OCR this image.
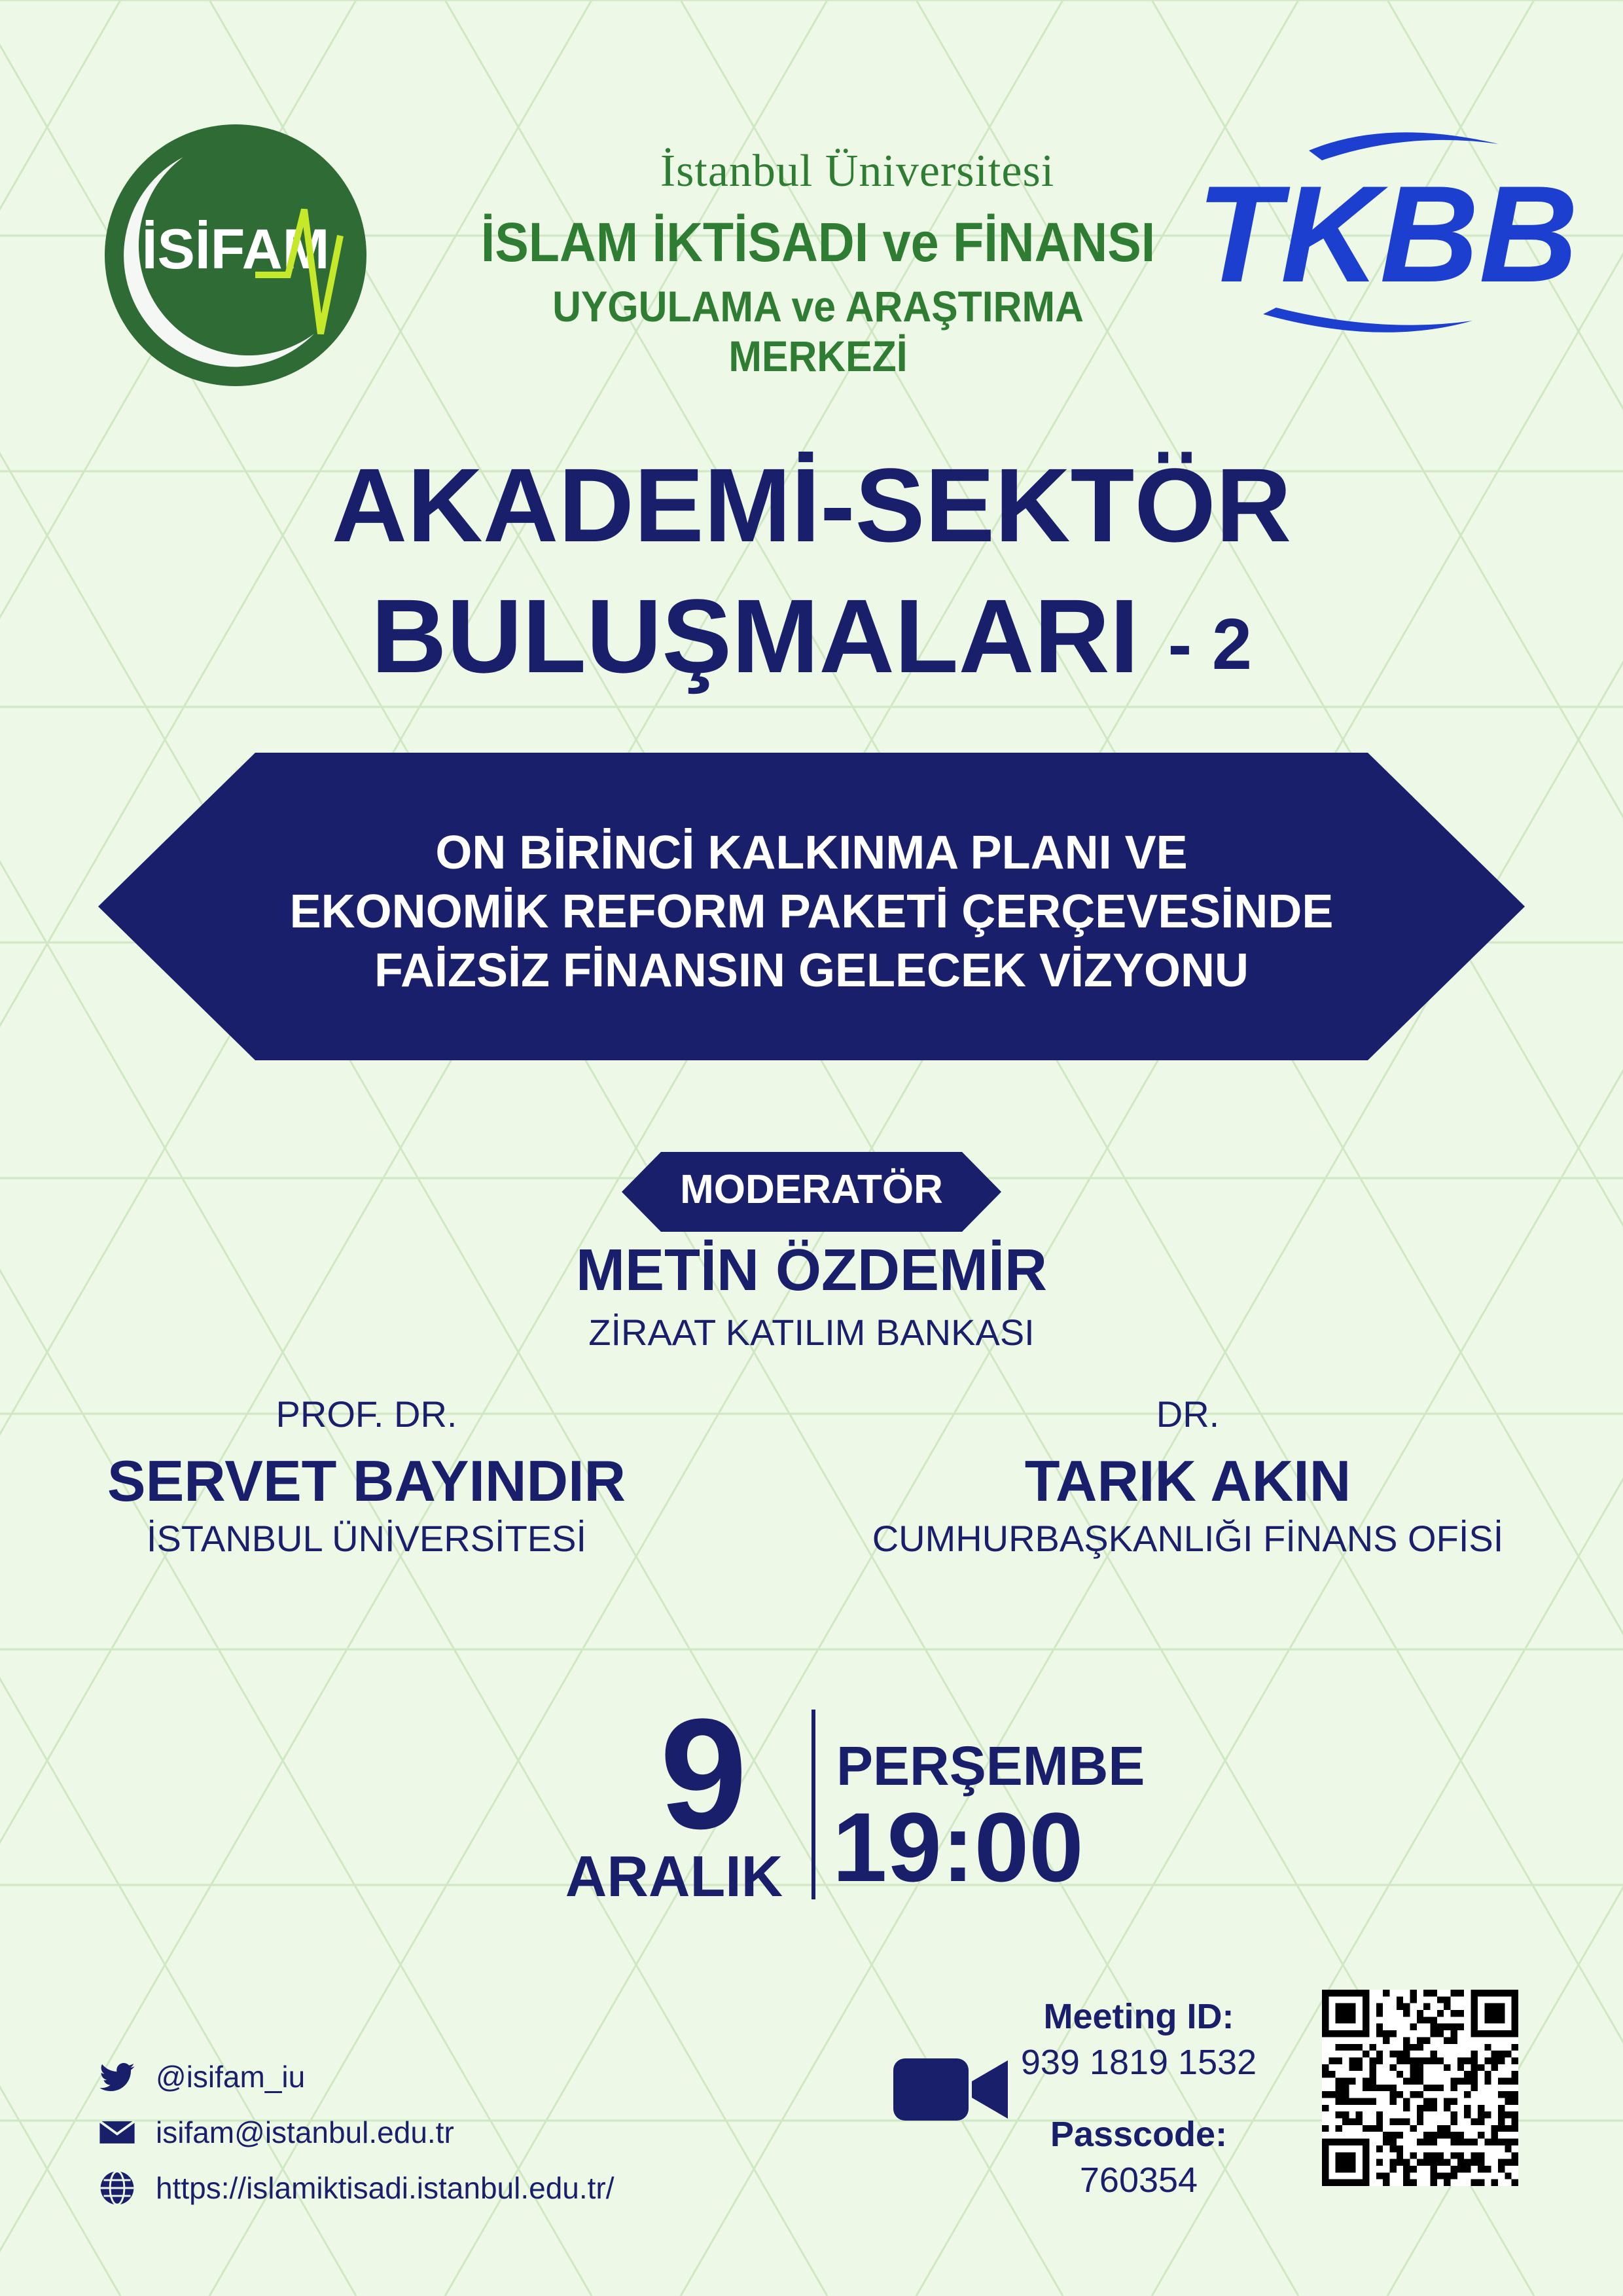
İSİFAM
İstanbul Üniversitesi
İSLAM İKTİSADI ve FİNANSI
UYGULAMA ve ARAŞTIRMA MERKEZİ
TKBB
AKADEMİ-SEKTÖR
BULUŞMALARI - 2
ON BİRİNCİ KALKINMA PLANI VE
EKONOMİK REFORM PAKETİ ÇERÇEVESİNDE
FAİZSİZ FİNANSIN GELECEK VİZYONU
MODERATÖR
METİN ÖZDEMİR
ZİRAAT KATILIM BANKASI
PROF. DR.
SERVET BAYINDIR
İSTANBUL ÜNİVERSİTESİ
DR.
TARIK AKIN
CUMHURBAŞKANLIĞI FİNANS OFİSİ
9
ARALIK
PERŞEMBE
19:00
@isifam_iu
isifam@istanbul.edu.tr
https://islamiktisadi.istanbul.edu.tr/
Meeting ID:
939 1819 1532
Passcode:
760354
